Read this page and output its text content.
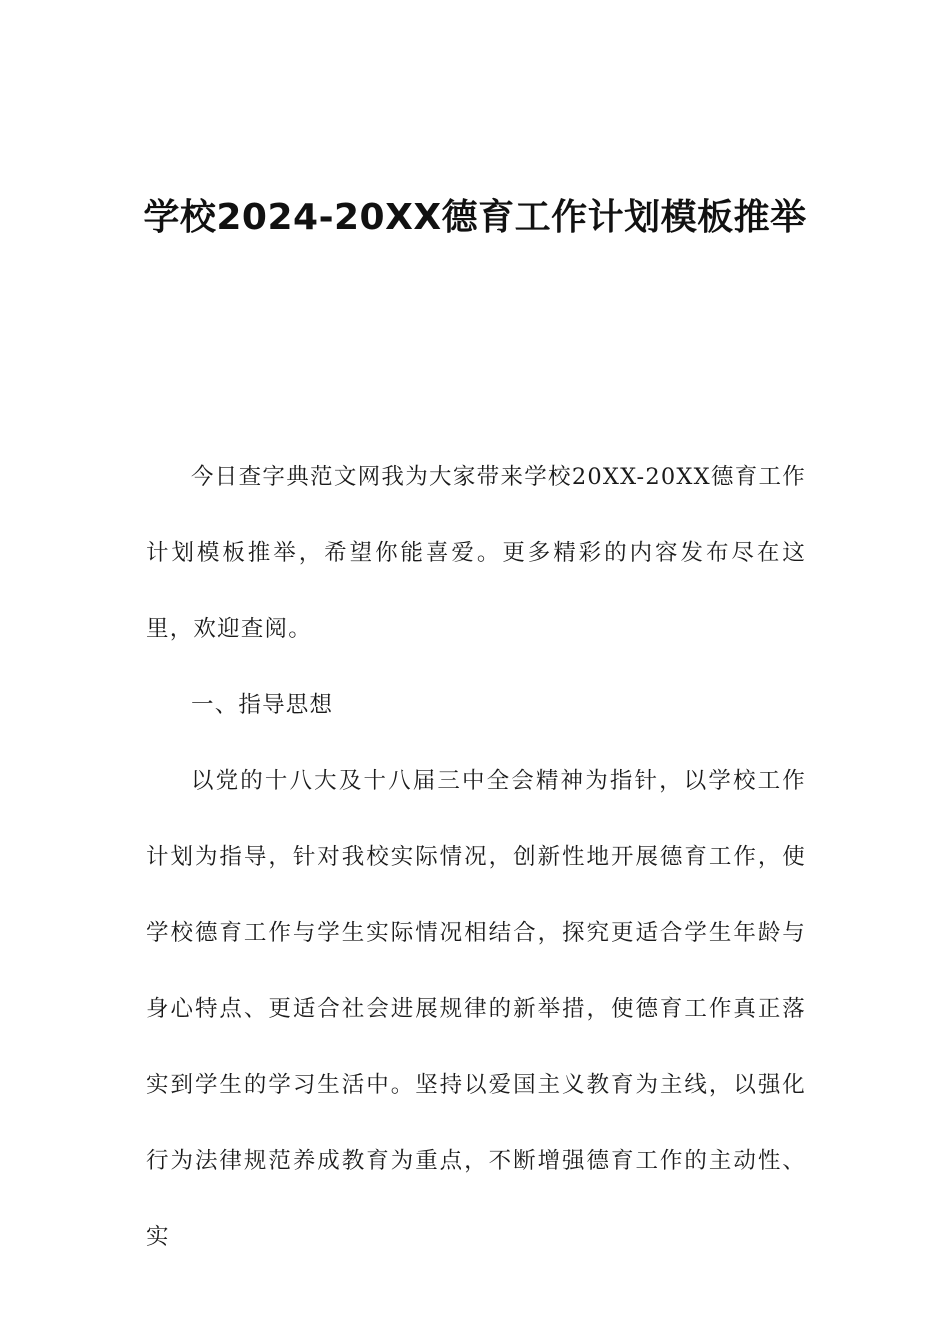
学校2024-20XX德育工作计划模板推举

今日查字典范文网我为大家带来学校20XX-20XX德育工作计划模板推举，希望你能喜爱。更多精彩的内容发布尽在这里，欢迎查阅。

一、指导思想

以党的十八大及十八届三中全会精神为指针，以学校工作计划为指导，针对我校实际情况，创新性地开展德育工作，使学校德育工作与学生实际情况相结合，探究更适合学生年龄与身心特点、更适合社会进展规律的新举措，使德育工作真正落实到学生的学习生活中。坚持以爱国主义教育为主线，以强化行为法律规范养成教育为重点，不断增强德育工作的主动性、实
